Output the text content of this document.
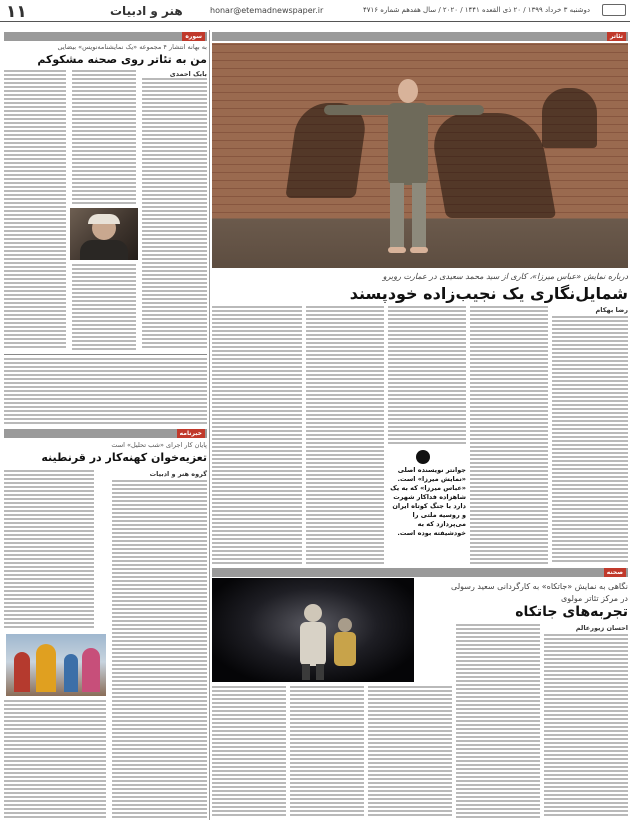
۱۱	هنر و ادبیات	honar@etemadnewspaper.ir	دوشنبه ۳ خرداد ۱۳۹۹ / ۲۰ ذی القعده ۱۴۴۱ / ۲۰۲۰ / سال هفدهم شماره ۴۷۱۶
سوره
به بهانه انتشار ۴ مجموعه «یک نمایشنامه‌نویس» بیضایی
من به تئاتر روی صحنه مشکوکم
بابک احمدی
خبرنامه
پایان کار اجرای «شب تحلیل» است
تعزیه‌خوان کهنه‌کار در قرنطینه
گروه هنر و ادبیات
تئاتر
درباره نمایش «عباس میرزا»، کاری از سید محمد سعیدی در عمارت روبرو
شمایل‌نگاری یک نجیب‌زاده خودپسند
رضا بهکام
جوانتر نویسنده اصلی «نمایش میرزا» است. «عباس میرزا» که به یک شاهزاده فداکار شهرت دارد با جنگ کوتاه ایران و روسیه ملتی را می‌پردازد که به خودشیفته بوده است.
صحنه
نگاهی به نمایش «جاتکاه» به کارگردانی سعید رسولی
در مرکز تئاتر مولوی
تجربه‌های جاتکاه
احسان زیورعالم
